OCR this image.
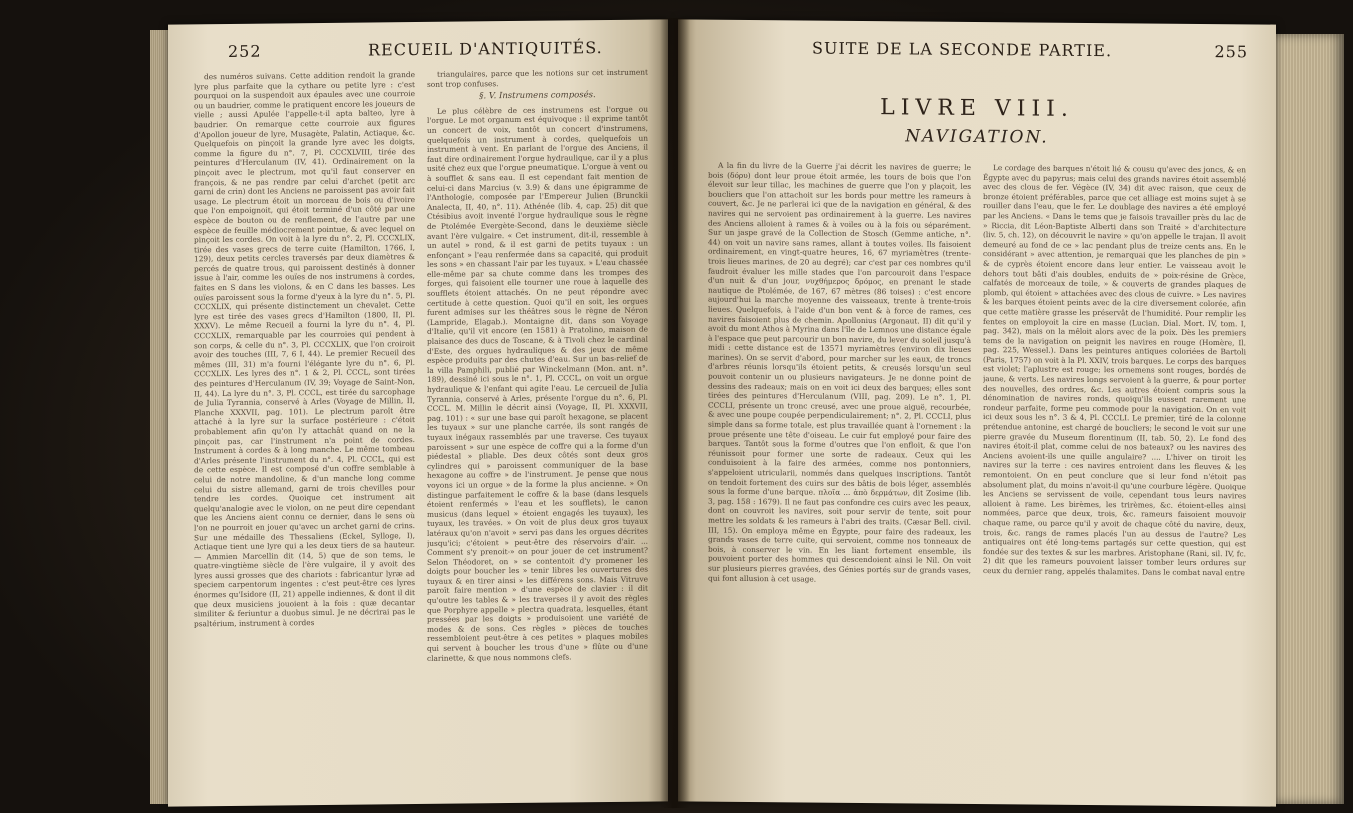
252	RECUEIL D'ANTIQUITÉS.

des numéros suivans. Cette addition rendoit la grande lyre plus parfaite que la cythare ou petite lyre : c'est pourquoi on la suspendoit aux épaules avec une courroie ou un baudrier, comme le pratiquent encore les joueurs de vielle ; aussi Apulée l'appelle-t-il apta balteo, lyre à baudrier. On remarque cette courroie aux figures d'Apollon joueur de lyre, Musagète, Palatin, Actiaque, &c. Quelquefois on pinçoit la grande lyre avec les doigts, comme la figure du n°. 7, Pl. CCCXLVIII, tirée des peintures d'Herculanum (IV, 41). Ordinairement on la pinçoit avec le plectrum, mot qu'il faut conserver en françois, & ne pas rendre par celui d'archet (petit arc garni de crin) dont les Anciens ne paroissent pas avoir fait usage. Le plectrum étoit un morceau de bois ou d'ivoire que l'on empoignoit, qui étoit terminé d'un côté par une espèce de bouton ou de renflement, de l'autre par une espèce de feuille médiocrement pointue, & avec lequel on pinçoit les cordes. On voit à la lyre du n°. 2, Pl. CCCXLIX, tirée des vases grecs de terre cuite (Hamilton, 1766, I, 129), deux petits cercles traversés par deux diamètres & percés de quatre trous, qui paroissent destinés à donner issue à l'air, comme les ouïes de nos instrumens à cordes, faites en S dans les violons, & en C dans les basses. Les ouïes paroissent sous la forme d'yeux à la lyre du n°. 5, Pl. CCCXLIX, qui présente distinctement un chevalet. Cette lyre est tirée des vases grecs d'Hamilton (1800, II, Pl. XXXV). Le même Recueil a fourni la lyre du n°. 4, Pl. CCCXLIX, remarquable par les courroies qui pendent à son corps, & celle du n°. 3, Pl. CCCXLIX, que l'on croiroit avoir des touches (III, 7, 6 I, 44). Le premier Recueil des mêmes (III, 31) m'a fourni l'élégante lyre du n°. 6, Pl. CCCXLIX. Les lyres des n°. 1 & 2, Pl. CCCL, sont tirées des peintures d'Herculanum (IV, 39; Voyage de Saint-Non, II, 44). La lyre du n°. 3, Pl. CCCL, est tirée du sarcophage de Julia Tyrannia, conservé à Arles (Voyage de Millin, II, Planche XXXVII, pag. 101). Le plectrum paroît être attaché à la lyre sur la surface postérieure : c'étoit probablement afin qu'on l'y attachât quand on ne la pinçoit pas, car l'instrument n'a point de cordes. Instrument à cordes & à long manche. Le même tombeau d'Arles présente l'instrument du n°. 4, Pl. CCCL, qui est de cette espèce. Il est composé d'un coffre semblable à celui de notre mandoline, & d'un manche long comme celui du sistre allemand, garni de trois chevilles pour tendre les cordes. Quoique cet instrument ait quelqu'analogie avec le violon, on ne peut dire cependant que les Anciens aient connu ce dernier, dans le sens où l'on ne pourroit en jouer qu'avec un archet garni de crins. Sur une médaille des Thessaliens (Eckel, Sylloge, I), Actiaque tient une lyre qui a les deux tiers de sa hauteur. — Ammien Marcellin dit (14, 5) que de son tems, le quatre-vingtième siècle de l'ère vulgaire, il y avoit des lyres aussi grosses que des chariots : fabricantur lyræ ad speciem carpentorum ingentes : c'est peut-être ces lyres énormes qu'Isidore (II, 21) appelle indiennes, & dont il dit que deux musiciens jouoient à la fois : quæ decantar similiter & feriuntur a duobus simul. Je ne décrirai pas le psaltérium, instrument à cordes

triangulaires, parce que les notions sur cet instrument sont trop confuses.

§. V. Instrumens composés.

Le plus célèbre de ces instrumens est l'orgue ou l'orgue. Le mot organum est équivoque : il exprime tantôt un concert de voix, tantôt un concert d'instrumens, quelquefois un instrument à cordes, quelquefois un instrument à vent. En parlant de l'orgue des Anciens, il faut dire ordinairement l'orgue hydraulique, car il y a plus usité chez eux que l'orgue pneumatique. L'orgue à vent ou à soufflet & sans eau. Il est cependant fait mention de celui-ci dans Marcius (v. 3.9) & dans une épigramme de l'Anthologie, composée par l'Empereur Julien (Brunckii Analecta, II, 40, n°. 11). Athénée (lib. 4, cap. 25) dit que Ctésibius avoit inventé l'orgue hydraulique sous le règne de Ptolémée Evergète-Second, dans le deuxième siècle avant l'ère vulgaire. « Cet instrument, dit-il, ressemble à un autel » rond, & il est garni de petits tuyaux : un enfonçant » l'eau renfermée dans sa capacité, qui produit les sons » en chassant l'air par les tuyaux. » L'eau chassée elle-même par sa chute comme dans les trompes des forges, qui faisoient elle tourner une roue à laquelle des soufflets étoient attachés. On ne peut répondre avec certitude à cette question. Quoi qu'il en soit, les orgues furent admises sur les théâtres sous le règne de Néron (Lampride, Elagab.). Montaigne dit, dans son Voyage d'Italie, qu'il vit encore (en 1581) à Pratolino, maison de plaisance des ducs de Toscane, & à Tivoli chez le cardinal d'Este, des orgues hydrauliques & des jeux de même espèce produits par des chutes d'eau. Sur un bas-relief de la villa Pamphili, publié par Winckelmann (Mon. ant. n°. 189), dessiné ici sous le n°. 1, Pl. CCCL, on voit un orgue hydraulique & l'enfant qui agite l'eau. Le cercueil de Julia Tyrannia, conservé à Arles, présente l'orgue du n°. 6, Pl. CCCL. M. Millin le décrit ainsi (Voyage, II, Pl. XXXVII, pag. 101) : « sur une base qui paroît hexagone, se placent les tuyaux » sur une planche carrée, ils sont rangés de tuyaux inégaux rassemblés par une traverse. Ces tuyaux paroissent » sur une espèce de coffre qui a la forme d'un piédestal » pliable. Des deux côtés sont deux gros cylindres qui » paroissent communiquer de la base hexagone au coffre » de l'instrument. Je pense que nous voyons ici un orgue » de la forme la plus ancienne. » On distingue parfaitement le coffre & la base (dans lesquels étoient renfermés » l'eau et les soufflets), le canon musicus (dans lequel » étoient engagés les tuyaux), les tuyaux, les travées. » On voit de plus deux gros tuyaux latéraux qu'on n'avoit » servi pas dans les orgues décrites jusqu'ici; c'étoient » peut-être des réservoirs d'air. ... Comment s'y prenoit-» on pour jouer de cet instrument? Selon Théodoret, on » se contentoit d'y promener les doigts pour boucher les » tenir libres les ouvertures des tuyaux & en tirer ainsi » les différens sons. Mais Vitruve paroît faire mention » d'une espèce de clavier : il dit qu'outre les tables & » les traverses il y avoit des règles que Porphyre appelle » plectra quadrata, lesquelles, étant pressées par les doigts » produisoient une variété de modes & de sons. Ces règles » pièces de touches ressembloient peut-être à ces petites » plaques mobiles qui servent à boucher les trous d'une » flûte ou d'une clarinette, & que nous nommons clefs.

SUITE DE LA SECONDE PARTIE.	255
LIVRE VIII.
NAVIGATION.

A la fin du livre de la Guerre j'ai décrit les navires de guerre; le bois (δόρυ) dont leur proue étoit armée, les tours de bois que l'on élevoit sur leur tillac, les machines de guerre que l'on y plaçoit, les boucliers que l'on attachoit sur les bords pour mettre les rameurs à couvert, &c. Je ne parlerai ici que de la navigation en général, & des navires qui ne servoient pas ordinairement à la guerre. Les navires des Anciens alloient à rames & à voiles ou à la fois ou séparément. Sur un jaspe gravé de la Collection de Stosch (Gemme antiche, n°. 44) on voit un navire sans rames, allant à toutes voiles. Ils faisoient ordinairement, en vingt-quatre heures, 16, 67 myriamètres (trente-trois lieues marines, de 20 au degré); car c'est par ces nombres qu'il faudroit évaluer les mille stades que l'on parcouroit dans l'espace d'un nuit & d'un jour, νυχθήμερος δρόμος, en prenant le stade nautique de Ptolémée, de 167, 67 mètres (86 toises) : c'est encore aujourd'hui la marche moyenne des vaisseaux, trente à trente-trois lieues. Quelquefois, à l'aide d'un bon vent & à force de rames, ces navires faisoient plus de chemin. Apollonius (Argonaut. II) dit qu'il y avoit du mont Athos à Myrina dans l'île de Lemnos une distance égale à l'espace que peut parcourir un bon navire, du lever du soleil jusqu'à midi : cette distance est de 13571 myriamètres (environ dix lieues marines). On se servit d'abord, pour marcher sur les eaux, de troncs d'arbres réunis lorsqu'ils étoient petits, & creusés lorsqu'un seul pouvoit contenir un ou plusieurs navigateurs. Je ne donne point de dessins des radeaux; mais on en voit ici deux des barques; elles sont tirées des peintures d'Herculanum (VIII, pag. 209). Le n°. 1, Pl. CCCLI, présente un tronc creusé, avec une proue aiguë, recourbée, & avec une poupe coupée perpendiculairement; n°. 2, Pl. CCCLI, plus simple dans sa forme totale, est plus travaillée quant à l'ornement : la proue présente une tête d'oiseau. Le cuir fut employé pour faire des barques. Tantôt sous la forme d'outres que l'on enfloit, & que l'on réunissoit pour former une sorte de radeaux. Ceux qui les conduisoient à la faire des armées, comme nos pontonniers, s'appeloient utricularii, nommés dans quelques inscriptions. Tantôt on tendoit fortement des cuirs sur des bâtis de bois léger, assemblés sous la forme d'une barque. πλοῖα ... ἀπὸ δερμάτων, dit Zosime (lib. 3, pag. 158 : 1679). Il ne faut pas confondre ces cuirs avec les peaux, dont on couvroit les navires, soit pour servir de tente, soit pour mettre les soldats & les rameurs à l'abri des traits. (Cæsar Bell. civil. III, 15). On employa même en Égypte, pour faire des radeaux, les grands vases de terre cuite, qui servoient, comme nos tonneaux de bois, à conserver le vin. En les liant fortement ensemble, ils pouvoient porter des hommes qui descendoient ainsi le Nil. On voit sur plusieurs pierres gravées, des Génies portés sur de grands vases, qui font allusion à cet usage.

Le cordage des barques n'étoit lié & cousu qu'avec des joncs, & en Égypte avec du papyrus; mais celui des grands navires étoit assemblé avec des clous de fer. Végèce (IV, 34) dit avec raison, que ceux de bronze étoient préférables, parce que cet alliage est moins sujet à se rouiller dans l'eau, que le fer. Le doublage des navires a été employé par les Anciens. « Dans le tems que je faisois travailler près du lac de » Riccia, dit Léon-Baptiste Alberti dans son Traité » d'architecture (liv. 5, ch. 12), on découvrit le navire » qu'on appelle le trajan. Il avoit demeuré au fond de ce » lac pendant plus de treize cents ans. En le considérant » avec attention, je remarquai que les planches de pin » & de cyprès étoient encore dans leur entier. Le vaisseau avoit le dehors tout bâti d'ais doubles, enduits de » poix-résine de Grèce, calfatés de morceaux de toile, » & couverts de grandes plaques de plomb, qui étoient » attachées avec des clous de cuivre. » Les navires & les barques étoient peints avec de la cire diversement colorée, afin que cette matière grasse les préservât de l'humidité. Pour remplir les fentes on employoit la cire en masse (Lucian. Dial. Mort. IV, tom. I, pag. 342), mais on la mêloit alors avec de la poix. Dès les premiers tems de la navigation on peignit les navires en rouge (Homère, Il. pag. 225, Wessel.). Dans les peintures antiques coloriées de Bartoli (Paris, 1757) on voit à la Pl. XXIV, trois barques. Le corps des barques est violet; l'aplustre est rouge; les ornemens sont rouges, bordés de jaune, & verts. Les navires longs servoient à la guerre, & pour porter des nouvelles, des ordres, &c. Les autres étoient compris sous la dénomination de navires ronds, quoiqu'ils eussent rarement une rondeur parfaite, forme peu commode pour la navigation. On en voit ici deux sous les n°. 3 & 4, Pl. CCCLI. Le premier, tiré de la colonne prétendue antonine, est chargé de boucliers; le second le voit sur une pierre gravée du Museum florentinum (II, tab. 50, 2). Le fond des navires étoit-il plat, comme celui de nos bateaux? ou les navires des Anciens avoient-ils une quille angulaire? .... L'hiver on tiroit les navires sur la terre : ces navires entroient dans les fleuves & les remontoient. On en peut conclure que si leur fond n'étoit pas absolument plat, du moins n'avoit-il qu'une courbure légère. Quoique les Anciens se servissent de voile, cependant tous leurs navires alloient à rame. Les birèmes, les trirèmes, &c. étoient-elles ainsi nommées, parce que deux, trois, &c. rameurs faisoient mouvoir chaque rame, ou parce qu'il y avoit de chaque côté du navire, deux, trois, &c. rangs de rames placés l'un au dessus de l'autre? Les antiquaires ont été long-tems partagés sur cette question, qui est fondée sur des textes & sur les marbres. Aristophane (Rani, sil. IV, fc. 2) dit que les rameurs pouvoient laisser tomber leurs ordures sur ceux du dernier rang, appelés thalamites. Dans le combat naval entre
